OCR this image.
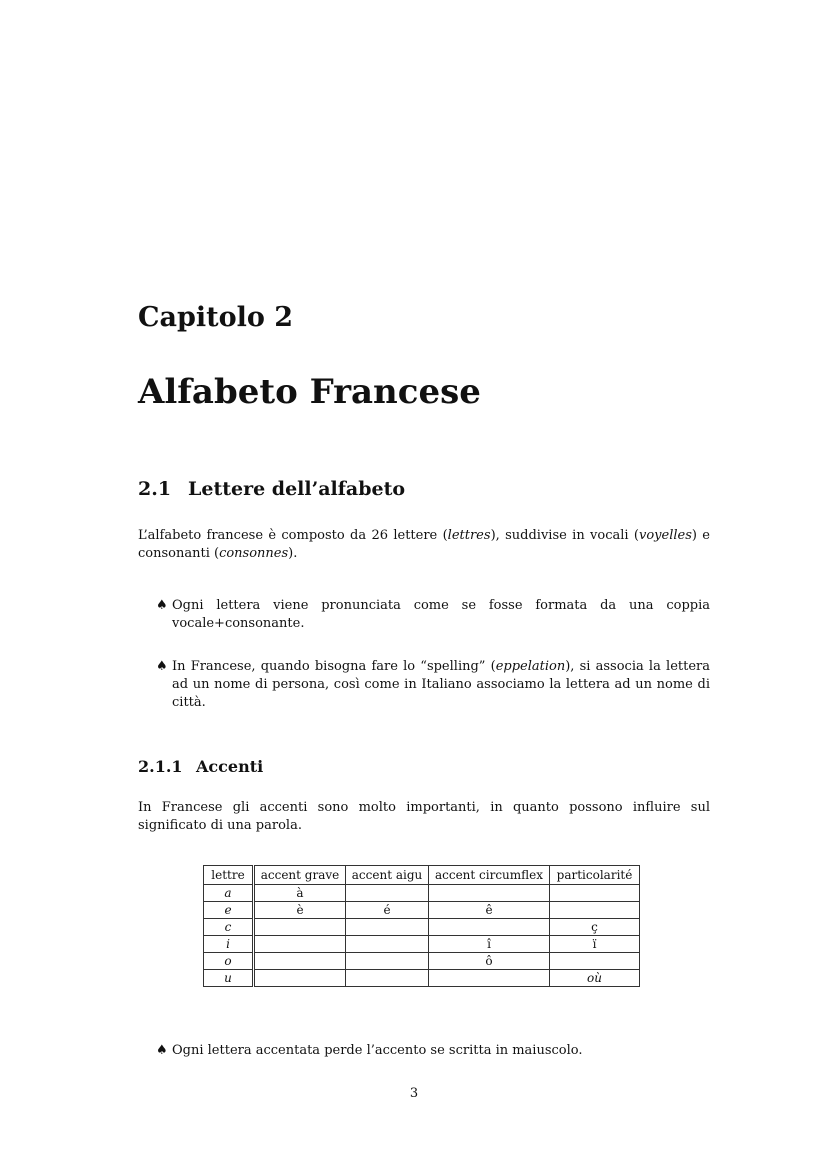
Capitolo 2
Alfabeto Francese
2.1 Lettere dell’alfabeto
L’alfabeto francese è composto da 26 lettere (lettres), suddivise in vocali (voyelles) e consonanti (consonnes).
♠ Ogni lettera viene pronunciata come se fosse formata da una coppia vocale+consonante.
♠ In Francese, quando bisogna fare lo “spelling” (eppelation), si associa la lettera ad un nome di persona, così come in Italiano associamo la lettera ad un nome di città.
2.1.1 Accenti
In Francese gli accenti sono molto importanti, in quanto possono influire sul significato di una parola.
lettre	accent grave	accent aigu	accent circumflex	particolarité
a	à			
e	è	é	ê	
c				ç
i			î	ï
o			ô	
u				où
♠ Ogni lettera accentata perde l’accento se scritta in maiuscolo.
3
